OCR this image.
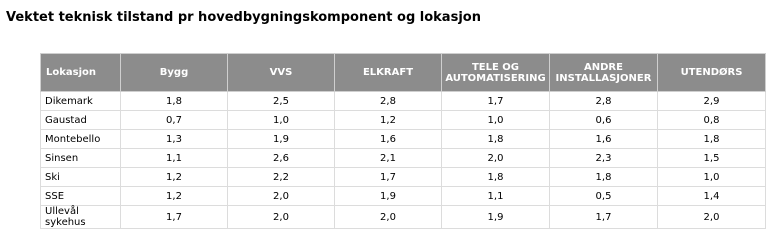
Vektet teknisk tilstand pr hovedbygningskomponent og lokasjon
Lokasjon	Bygg	VVS	ELKRAFT	TELE OG AUTOMATISERING	ANDRE INSTALLASJONER	UTENDØRS
Dikemark	1,8	2,5	2,8	1,7	2,8	2,9
Gaustad	0,7	1,0	1,2	1,0	0,6	0,8
Montebello	1,3	1,9	1,6	1,8	1,6	1,8
Sinsen	1,1	2,6	2,1	2,0	2,3	1,5
Ski	1,2	2,2	1,7	1,8	1,8	1,0
SSE	1,2	2,0	1,9	1,1	0,5	1,4
Ullevål sykehus	1,7	2,0	2,0	1,9	1,7	2,0
